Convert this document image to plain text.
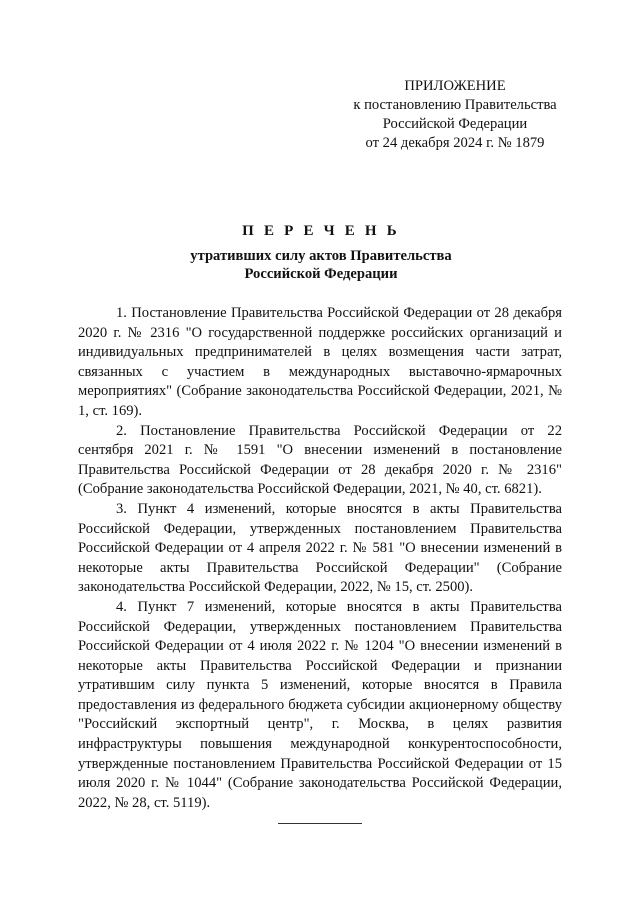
ПРИЛОЖЕНИЕ
к постановлению Правительства
Российской Федерации
от 24 декабря 2024 г. № 1879
П Е Р Е Ч Е Н Ь
утративших силу актов Правительства
Российской Федерации

1. Постановление Правительства Российской Федерации от 28 декабря 2020 г. № 2316 "О государственной поддержке российских организаций и индивидуальных предпринимателей в целях возмещения части затрат, связанных с участием в международных выставочно-ярмарочных мероприятиях" (Собрание законодательства Российской Федерации, 2021, № 1, ст. 169).

2. Постановление Правительства Российской Федерации от 22 сентября 2021 г. № 1591 "О внесении изменений в постановление Правительства Российской Федерации от 28 декабря 2020 г. № 2316" (Собрание законодательства Российской Федерации, 2021, № 40, ст. 6821).

3. Пункт 4 изменений, которые вносятся в акты Правительства Российской Федерации, утвержденных постановлением Правительства Российской Федерации от 4 апреля 2022 г. № 581 "О внесении изменений в некоторые акты Правительства Российской Федерации" (Собрание законодательства Российской Федерации, 2022, № 15, ст. 2500).

4. Пункт 7 изменений, которые вносятся в акты Правительства Российской Федерации, утвержденных постановлением Правительства Российской Федерации от 4 июля 2022 г. № 1204 "О внесении изменений в некоторые акты Правительства Российской Федерации и признании утратившим силу пункта 5 изменений, которые вносятся в Правила предоставления из федерального бюджета субсидии акционерному обществу "Российский экспортный центр", г. Москва, в целях развития инфраструктуры повышения международной конкурентоспособности, утвержденные постановлением Правительства Российской Федерации от 15 июля 2020 г. № 1044" (Собрание законодательства Российской Федерации, 2022, № 28, ст. 5119).
